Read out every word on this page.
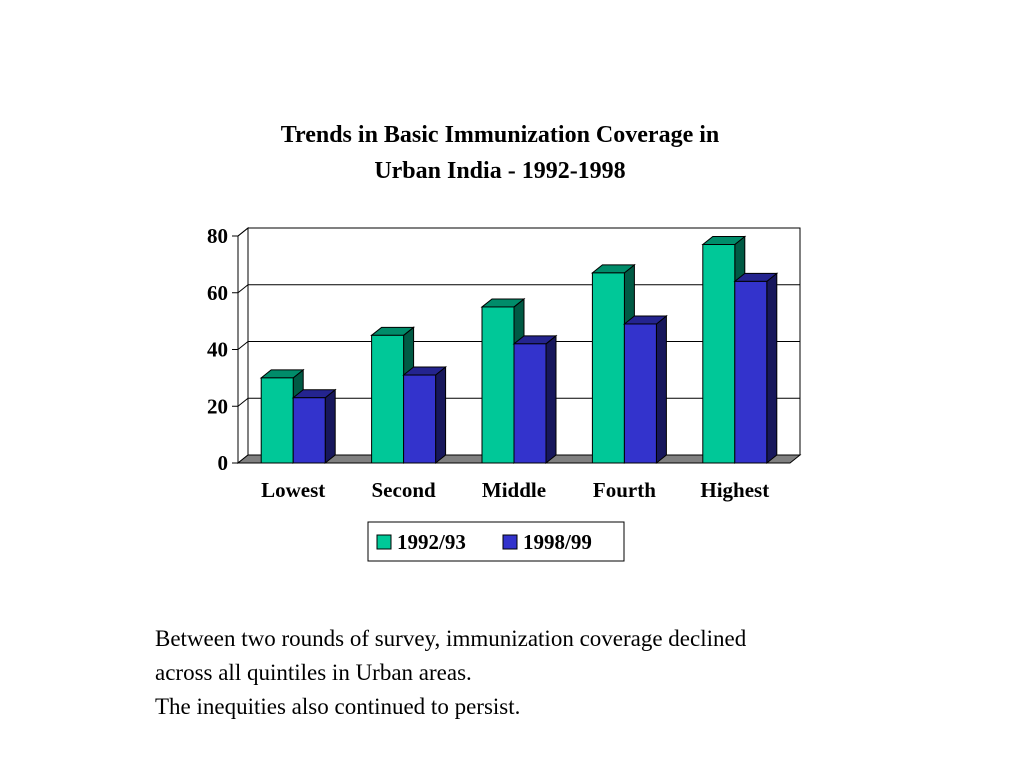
Trends in Basic Immunization Coverage in
Urban India - 1992-1998
0
20
40
60
80
Lowest Second Middle Fourth Highest
1992/93	1998/99
Between two rounds of survey, immunization coverage declined
across all quintiles in Urban areas.
The inequities also continued to persist.
